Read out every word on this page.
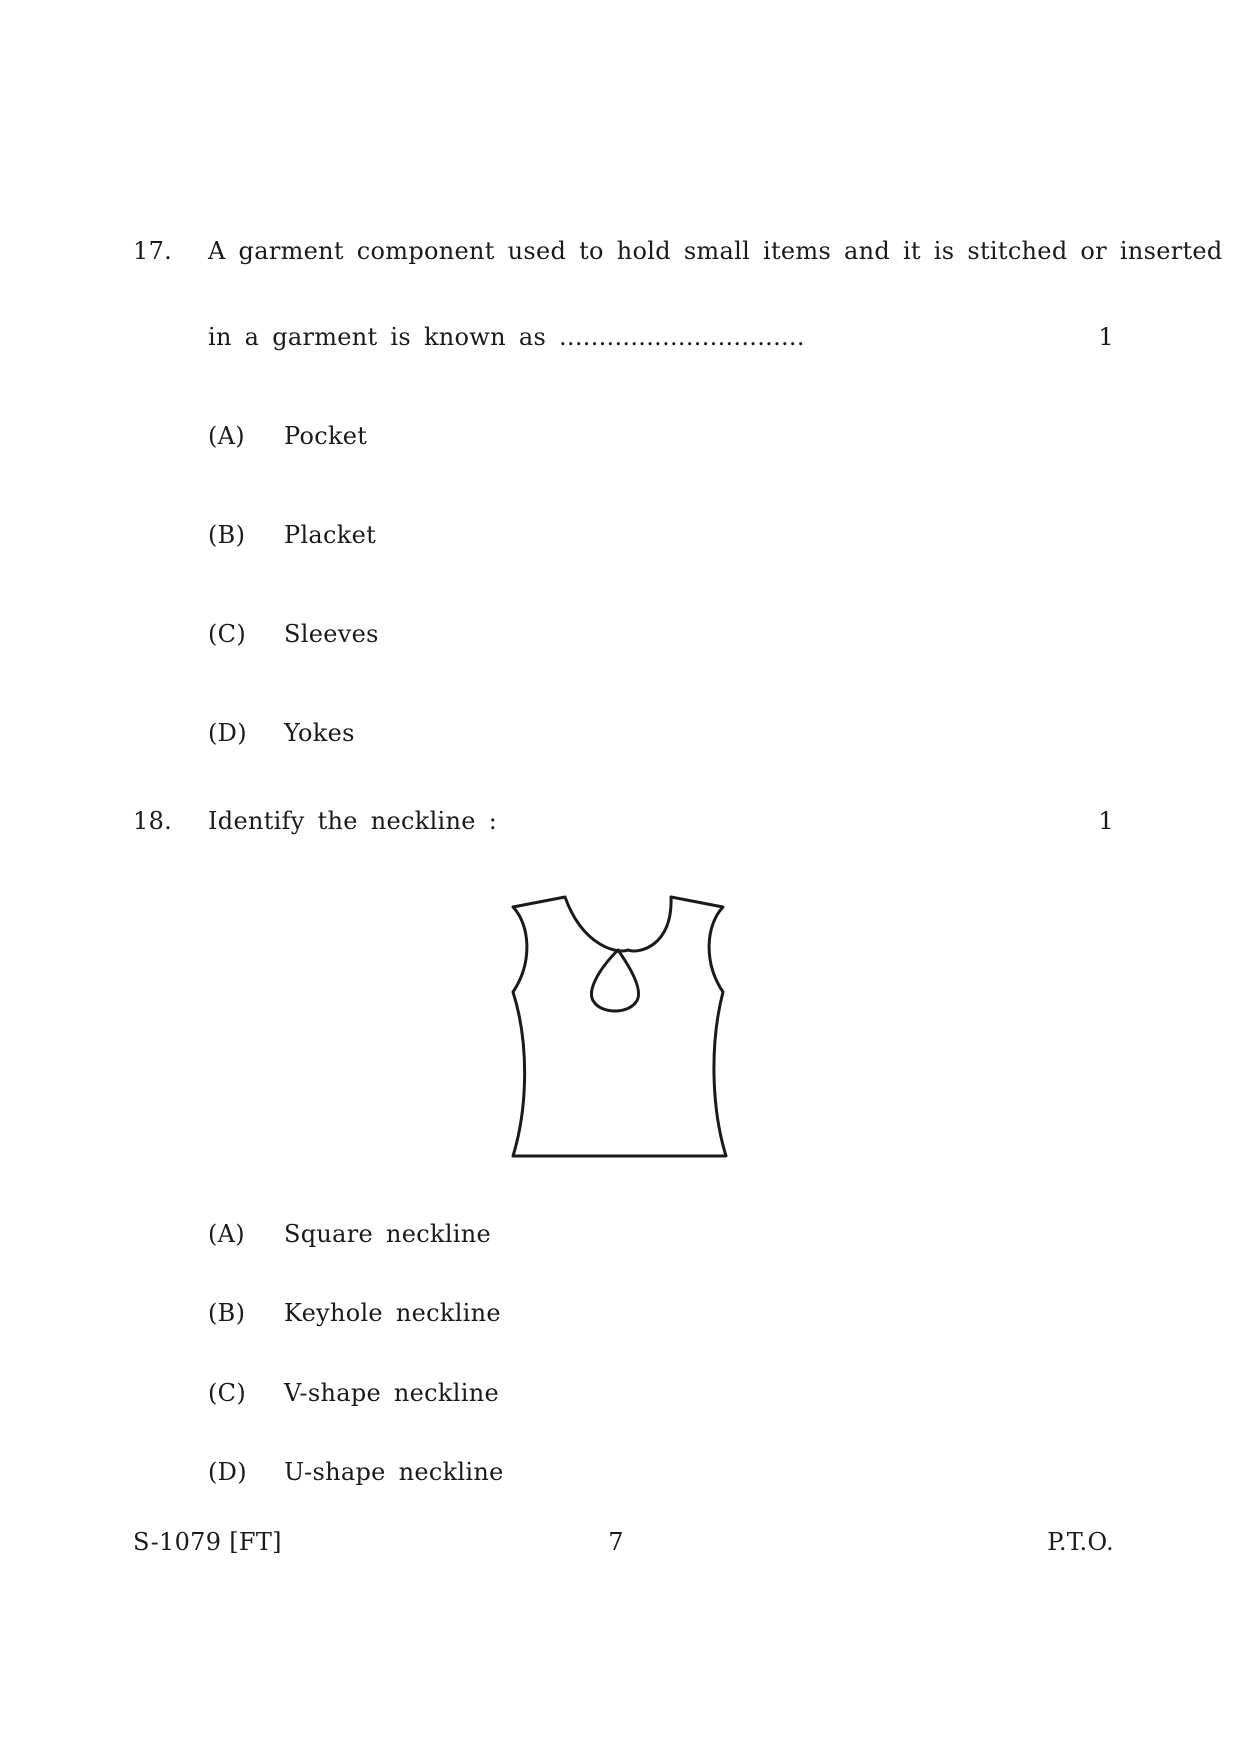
17. A garment component used to hold small items and it is stitched or inserted
in a garment is known as ...............................	1
(A) Pocket
(B) Placket
(C) Sleeves
(D) Yokes
18. Identify the neckline :	1
(A) Square neckline
(B) Keyhole neckline
(C) V-shape neckline
(D) U-shape neckline
S-1079 [FT]	7	P.T.O.
